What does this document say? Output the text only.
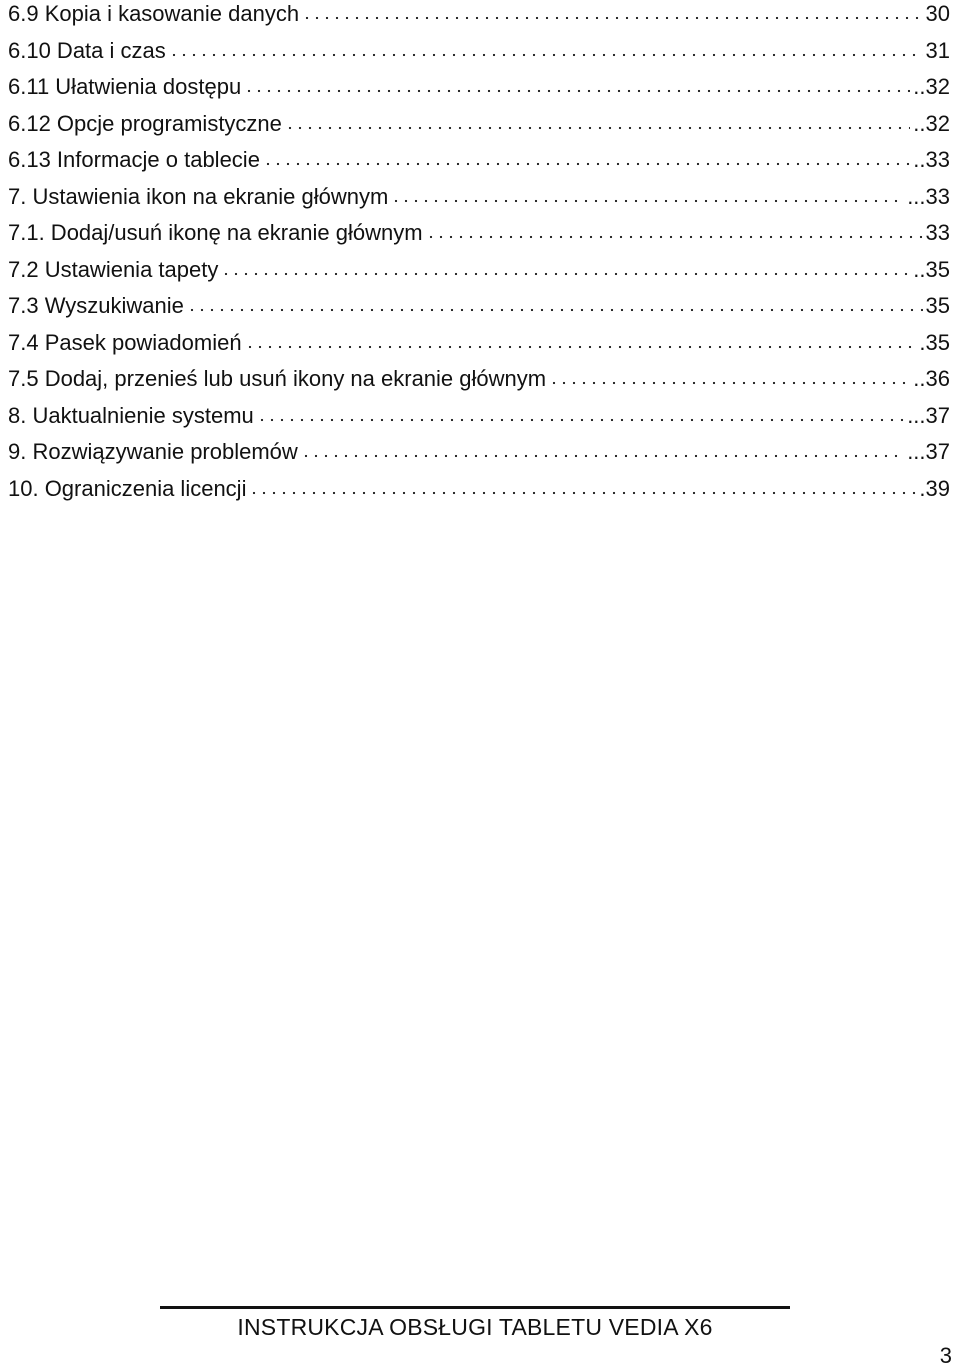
6.9 Kopia i kasowanie danych	30
6.10 Data i czas	31
6.11 Ułatwienia dostępu	..32
6.12 Opcje programistyczne	..32
6.13 Informacje o tablecie	..33
7. Ustawienia ikon na ekranie głównym	...33
7.1. Dodaj/usuń ikonę na ekranie głównym	33
7.2 Ustawienia tapety	..35
7.3 Wyszukiwanie	35
7.4 Pasek powiadomień	.35
7.5 Dodaj, przenieś lub usuń ikony na ekranie głównym	..36
8. Uaktualnienie systemu	...37
9. Rozwiązywanie problemów	...37
10. Ograniczenia licencji	.39
INSTRUKCJA OBSŁUGI TABLETU VEDIA X6
3
